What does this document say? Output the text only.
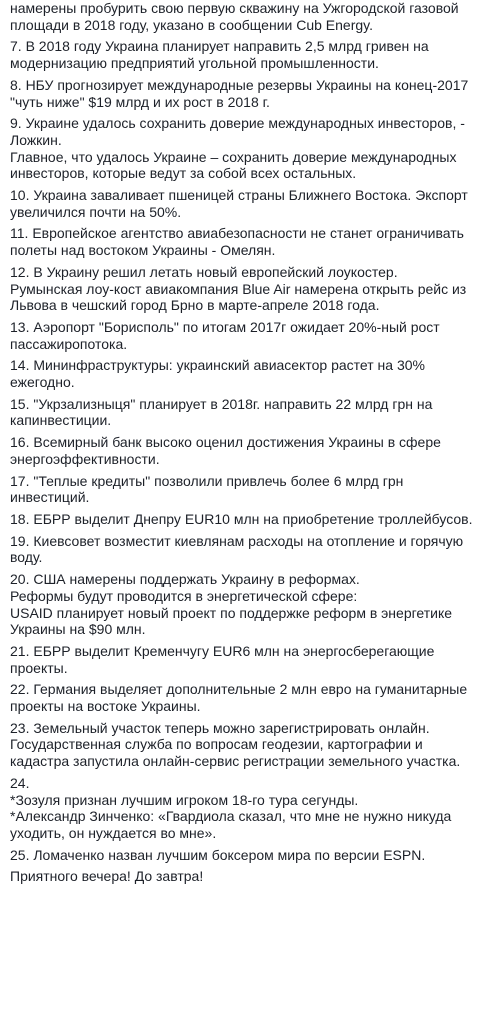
намерены пробурить свою первую скважину на Ужгородской газовой
площади в 2018 году, указано в сообщении Cub Energy.

7. В 2018 году Украина планирует направить 2,5 млрд гривен на
модернизацию предприятий угольной промышленности.

8. НБУ прогнозирует международные резервы Украины на конец-2017
"чуть ниже" $19 млрд и их рост в 2018 г.

9. Украине удалось сохранить доверие международных инвесторов, -
Ложкин.
Главное, что удалось Украине – сохранить доверие международных
инвесторов, которые ведут за собой всех остальных.

10. Украина заваливает пшеницей страны Ближнего Востока. Экспорт
увеличился почти на 50%.

11. Европейское агентство авиабезопасности не станет ограничивать
полеты над востоком Украины - Омелян.

12. В Украину решил летать новый европейский лоукостер.
Румынская лоу-кост авиакомпания Blue Air намерена открыть рейс из
Львова в чешский город Брно в марте-апреле 2018 года.

13. Аэропорт "Борисполь" по итогам 2017г ожидает 20%-ный рост
пассажиропотока.

14. Мининфраструктуры: украинский авиасектор растет на 30%
ежегодно.

15. "Укрзализныця" планирует в 2018г. направить 22 млрд грн на
капинвестиции.

16. Всемирный банк высоко оценил достижения Украины в сфере
энергоэффективности.

17. "Теплые кредиты" позволили привлечь более 6 млрд грн
инвестиций.

18. ЕБРР выделит Днепру EUR10 млн на приобретение троллейбусов.

19. Киевсовет возместит киевлянам расходы на отопление и горячую
воду.

20. США намерены поддержать Украину в реформах.
Реформы будут проводится в энергетической сфере:
USAID планирует новый проект по поддержке реформ в энергетике
Украины на $90 млн.

21. ЕБРР выделит Кременчугу EUR6 млн на энергосберегающие
проекты.

22. Германия выделяет дополнительные 2 млн евро на гуманитарные
проекты на востоке Украины.

23. Земельный участок теперь можно зарегистрировать онлайн.
Государственная служба по вопросам геодезии, картографии и
кадастра запустила онлайн-сервис регистрации земельного участка.

24.
*Зозуля признан лучшим игроком 18-го тура сегунды.
*Александр Зинченко: «Гвардиола сказал, что мне не нужно никуда
уходить, он нуждается во мне».

25. Ломаченко назван лучшим боксером мира по версии ESPN.

Приятного вечера! До завтра!
